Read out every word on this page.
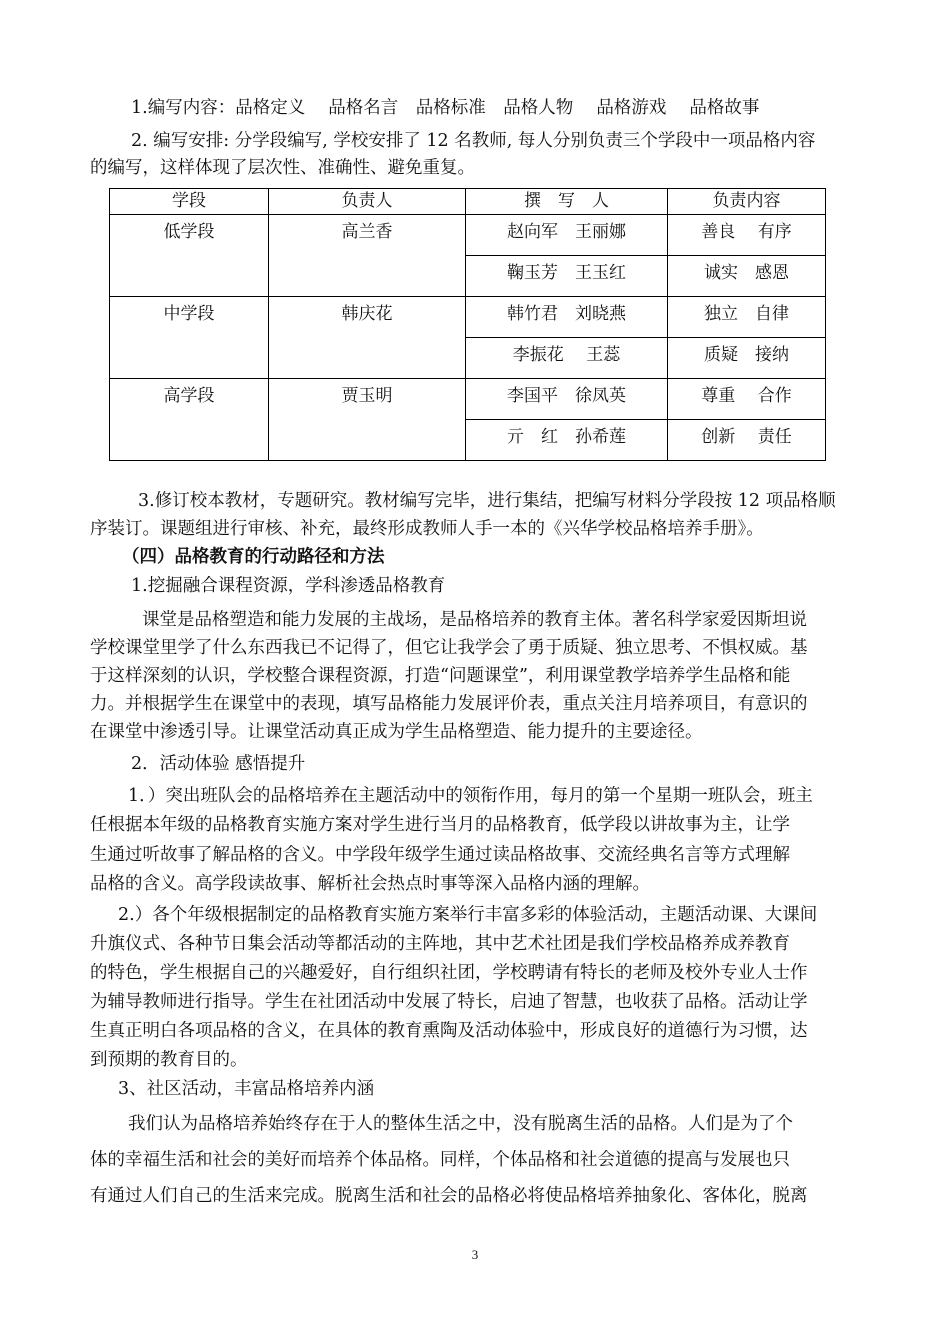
1.编写内容：品格定义　 品格名言　品格标准　品格人物　 品格游戏　 品格故事
2. 编写安排: 分学段编写, 学校安排了 12 名教师, 每人分别负责三个学段中一项品格内容
的编写，这样体现了层次性、准确性、避免重复。
学段	负责人	撰　写　人	负责内容
低学段	高兰香	赵向军　王丽娜	善良　 有序
		鞠玉芳　王玉红	诚实　感恩
中学段	韩庆花	韩竹君　刘晓燕	独立　自律
		李振花　 王蕊	质疑　接纳
高学段	贾玉明	李国平　徐凤英	尊重　 合作
		亓　红　孙希莲	创新　 责任
3.修订校本教材，专题研究。教材编写完毕，进行集结，把编写材料分学段按 12 项品格顺
序装订。课题组进行审核、补充，最终形成教师人手一本的《兴华学校品格培养手册》。
（四）品格教育的行动路径和方法
1.挖掘融合课程资源，学科渗透品格教育
课堂是品格塑造和能力发展的主战场，是品格培养的教育主体。著名科学家爱因斯坦说
学校课堂里学了什么东西我已不记得了，但它让我学会了勇于质疑、独立思考、不惧权威。基
于这样深刻的认识，学校整合课程资源，打造“问题课堂”，利用课堂教学培养学生品格和能
力。并根据学生在课堂中的表现，填写品格能力发展评价表，重点关注月培养项目，有意识的
在课堂中渗透引导。让课堂活动真正成为学生品格塑造、能力提升的主要途径。
2．活动体验 感悟提升
1．）突出班队会的品格培养在主题活动中的领衔作用，每月的第一个星期一班队会，班主
任根据本年级的品格教育实施方案对学生进行当月的品格教育，低学段以讲故事为主，让学
生通过听故事了解品格的含义。中学段年级学生通过读品格故事、交流经典名言等方式理解
品格的含义。高学段读故事、解析社会热点时事等深入品格内涵的理解。
2.）各个年级根据制定的品格教育实施方案举行丰富多彩的体验活动，主题活动课、大课间
升旗仪式、各种节日集会活动等都活动的主阵地，其中艺术社团是我们学校品格养成养教育
的特色，学生根据自己的兴趣爱好，自行组织社团，学校聘请有特长的老师及校外专业人士作
为辅导教师进行指导。学生在社团活动中发展了特长，启迪了智慧，也收获了品格。活动让学
生真正明白各项品格的含义，在具体的教育熏陶及活动体验中，形成良好的道德行为习惯，达
到预期的教育目的。
3、社区活动，丰富品格培养内涵
我们认为品格培养始终存在于人的整体生活之中，没有脱离生活的品格。人们是为了个
体的幸福生活和社会的美好而培养个体品格。同样，个体品格和社会道德的提高与发展也只
有通过人们自己的生活来完成。脱离生活和社会的品格必将使品格培养抽象化、客体化，脱离
3
